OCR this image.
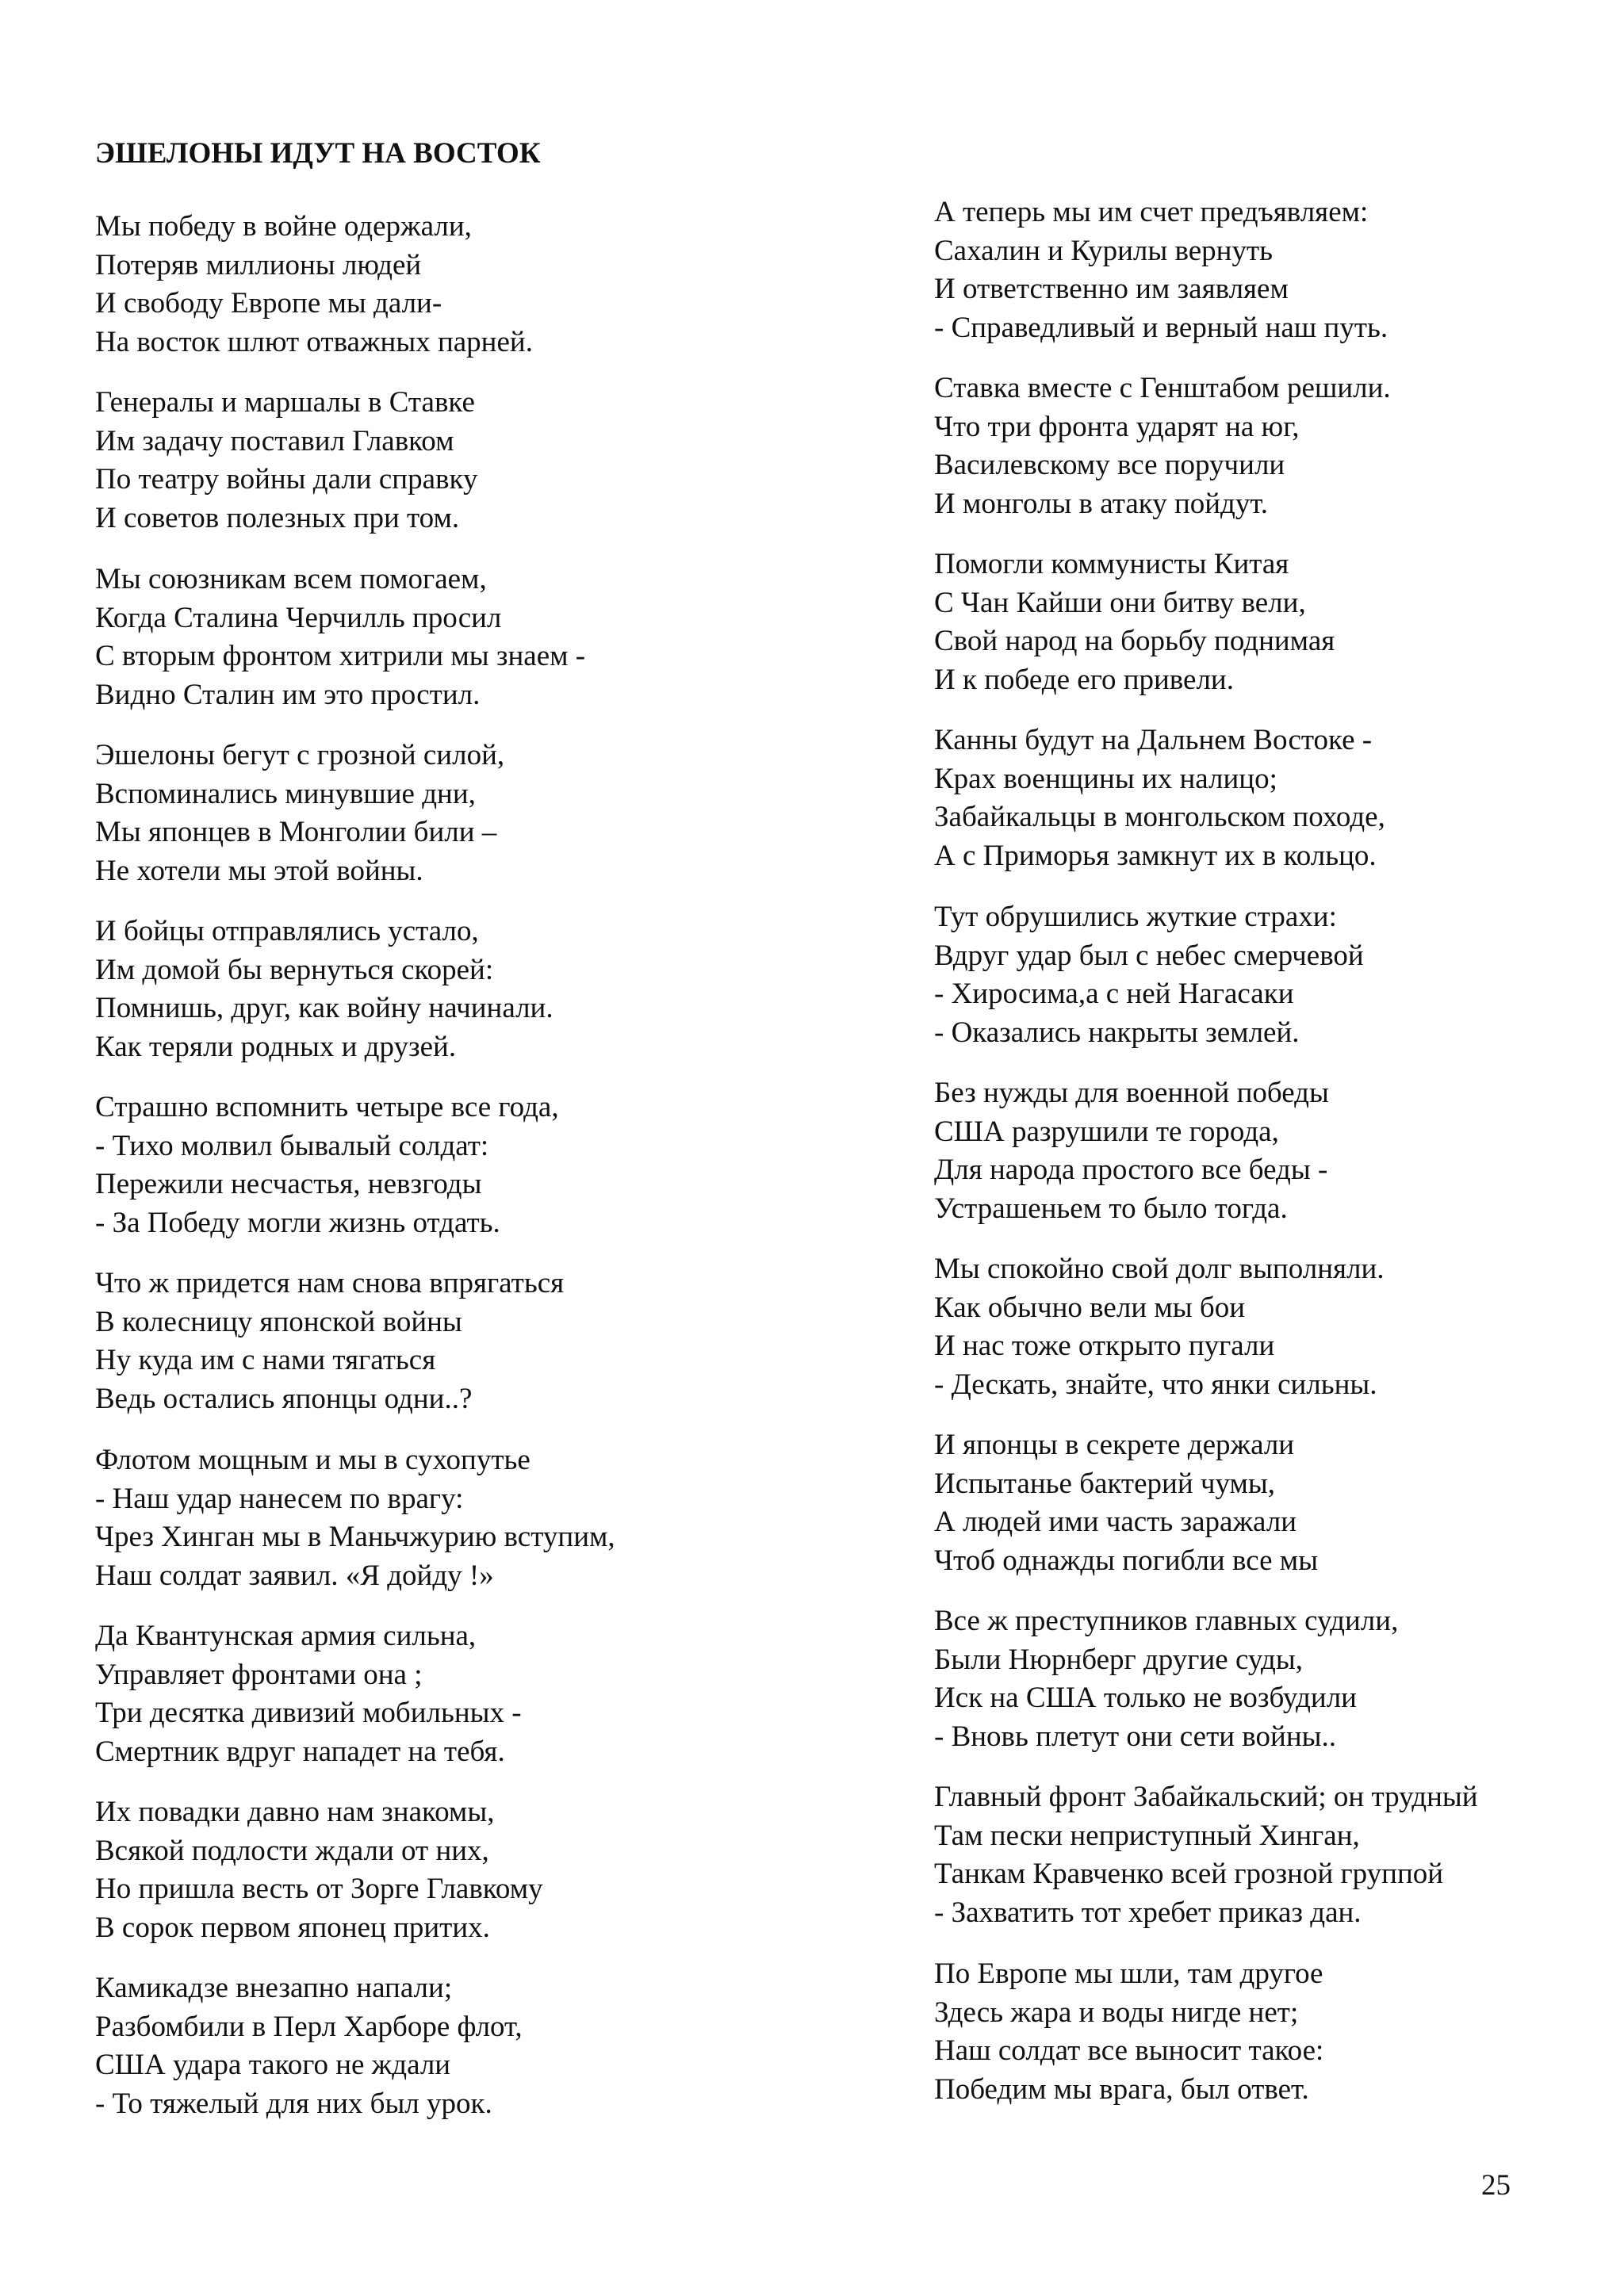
ЭШЕЛОНЫ ИДУТ НА ВОСТОК
Мы победу в войне одержали,
Потеряв миллионы людей
И свободу Европе мы дали-
На восток шлют отважных парней.
Генералы и маршалы в Ставке
Им задачу поставил Главком
По театру войны дали справку
И советов полезных при том.
Мы союзникам всем помогаем,
Когда Сталина Черчилль просил
С вторым фронтом хитрили мы знаем -
Видно Сталин им это простил.
Эшелоны бегут с грозной силой,
Вспоминались минувшие дни,
Мы японцев в Монголии били –
Не хотели мы этой войны.
И бойцы отправлялись устало,
Им домой бы вернуться скорей:
Помнишь, друг, как войну начинали.
Как теряли родных и друзей.
Страшно вспомнить четыре все года,
- Тихо молвил бывалый солдат:
Пережили несчастья, невзгоды
- За Победу могли жизнь отдать.
Что ж придется нам снова впрягаться
В колесницу японской войны
Ну куда им с нами тягаться
Ведь остались японцы одни..?
Флотом мощным и мы в сухопутье
- Наш удар нанесем по врагу:
Чрез Хинган мы в Маньчжурию вступим,
Наш солдат заявил. «Я дойду !»
Да Квантунская армия сильна,
Управляет фронтами она ;
Три десятка дивизий мобильных -
Смертник вдруг нападет на тебя.
Их повадки давно нам знакомы,
Всякой подлости ждали от них,
Но пришла весть от Зорге Главкому
В сорок первом японец притих.
Камикадзе внезапно напали;
Разбомбили в Перл Харборе флот,
США удара такого не ждали
- То тяжелый для них был урок.
А теперь мы им счет предъявляем:
Сахалин и Курилы вернуть
И ответственно им заявляем
- Справедливый и верный наш путь.
Ставка вместе с Генштабом решили.
Что три фронта ударят на юг,
Василевскому все поручили
И монголы в атаку пойдут.
Помогли коммунисты Китая
С Чан Кайши они битву вели,
Свой народ на борьбу поднимая
И к победе его привели.
Канны будут на Дальнем Востоке -
Крах военщины их налицо;
Забайкальцы в монгольском походе,
А с Приморья замкнут их в кольцо.
Тут обрушились жуткие страхи:
Вдруг удар был с небес смерчевой
- Хиросима,а с ней Нагасаки
- Оказались накрыты землей.
Без нужды для военной победы
США разрушили те города,
Для народа простого все беды -
Устрашеньем то было тогда.
Мы спокойно свой долг выполняли.
Как обычно вели мы бои
И нас тоже открыто пугали
- Дескать, знайте, что янки сильны.
И японцы в секрете держали
Испытанье бактерий чумы,
А людей ими часть заражали
Чтоб однажды погибли все мы
Все ж преступников главных судили,
Были Нюрнберг другие суды,
Иск на США только не возбудили
- Вновь плетут они сети войны..
Главный фронт Забайкальский; он трудный
Там пески неприступный Хинган,
Танкам Кравченко всей грозной группой
- Захватить тот хребет приказ дан.
По Европе мы шли, там другое
Здесь жара и воды нигде нет;
Наш солдат все выносит такое:
Победим мы врага, был ответ.
25
